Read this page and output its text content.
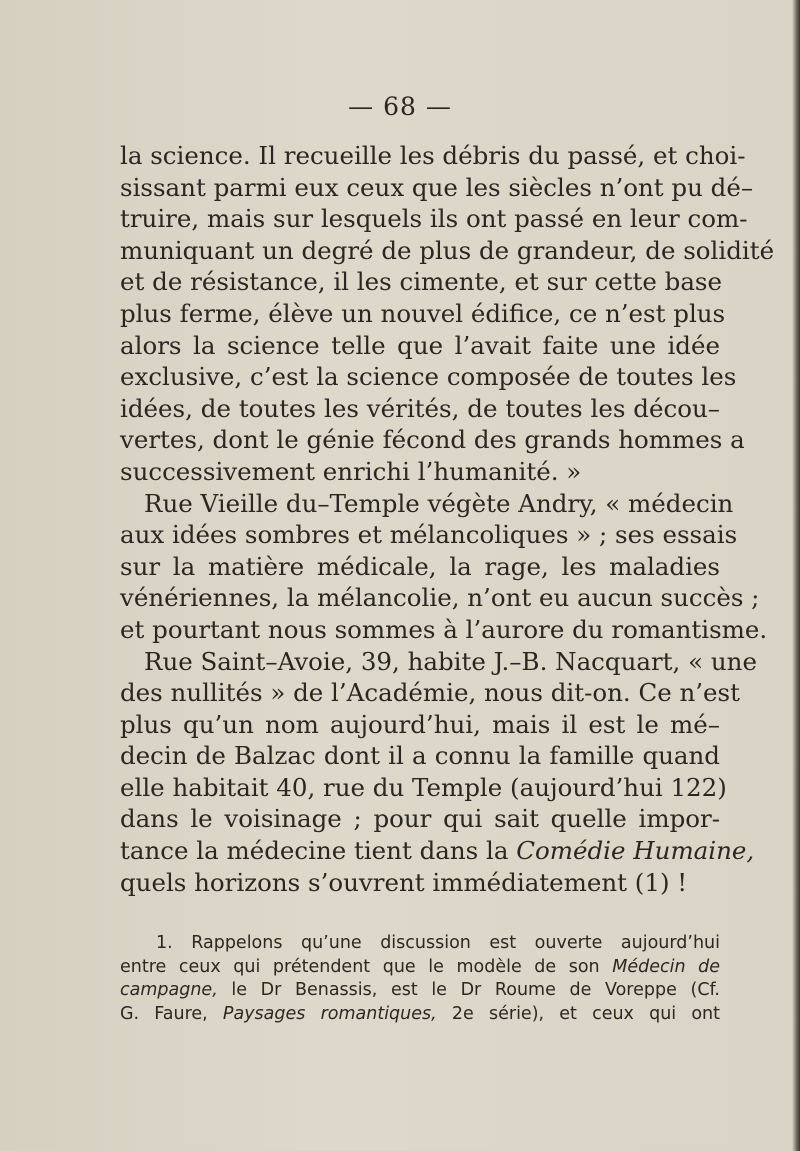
— 68 —
la science. Il recueille les débris du passé, et choi-
sissant parmi eux ceux que les siècles n’ont pu dé–
truire, mais sur lesquels ils ont passé en leur com-
muniquant un degré de plus de grandeur, de solidité
et de résistance, il les cimente, et sur cette base
plus ferme, élève un nouvel édifice, ce n’est plus
alors la science telle que l’avait faite une idée
exclusive, c’est la science composée de toutes les
idées, de toutes les vérités, de toutes les décou–
vertes, dont le génie fécond des grands hommes a
successivement enrichi l’humanité. »
Rue Vieille du–Temple végète Andry, « médecin
aux idées sombres et mélancoliques » ; ses essais
sur la matière médicale, la rage, les maladies
vénériennes, la mélancolie, n’ont eu aucun succès ;
et pourtant nous sommes à l’aurore du romantisme.
Rue Saint–Avoie, 39, habite J.–B. Nacquart, « une
des nullités » de l’Académie, nous dit-on. Ce n’est
plus qu’un nom aujourd’hui, mais il est le mé–
decin de Balzac dont il a connu la famille quand
elle habitait 40, rue du Temple (aujourd’hui 122)
dans le voisinage ; pour qui sait quelle impor-
tance la médecine tient dans la Comédie Humaine,
quels horizons s’ouvrent immédiatement (1) !
1. Rappelons qu’une discussion est ouverte aujourd’hui
entre ceux qui prétendent que le modèle de son Médecin de
campagne, le Dr Benassis, est le Dr Roume de Voreppe (Cf.
G. Faure, Paysages romantiques, 2e série), et ceux qui ont
